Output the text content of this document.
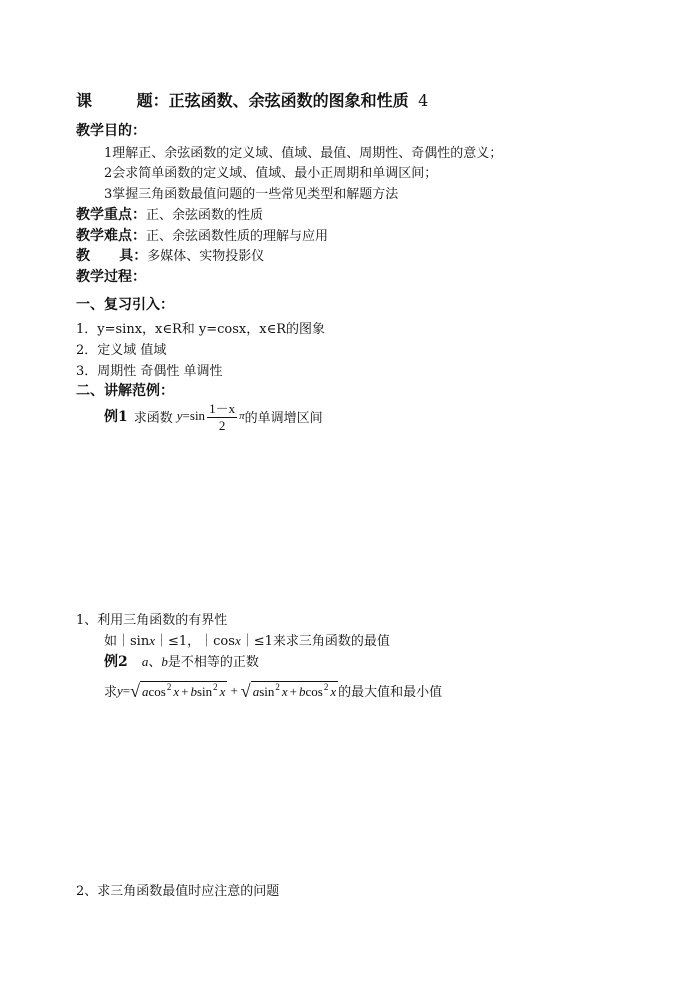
课        题：正弦函数、余弦函数的图象和性质 4
教学目的：
1理解正、余弦函数的定义域、值域、最值、周期性、奇偶性的意义；
2会求简单函数的定义域、值域、最小正周期和单调区间；
3掌握三角函数最值问题的一些常见类型和解题方法
教学重点：正、余弦函数的性质
教学难点：正、余弦函数性质的理解与应用
教      具：多媒体、实物投影仪
教学过程：
一、复习引入：
1．y=sinx，x∈R和 y=cosx，x∈R的图象
2．定义域 值域
3．周期性 奇偶性 单调性
二、讲解范例：
例1 求函数 $y =\sin \frac{1-x}{2}$ π 的单调增区间
1、利用三角函数的有界性
如｜sinx｜≤1，｜cosx｜≤1来求三角函数的最值
例2 a、b是不相等的正数
求 y = √ acos$^2$ x + bsin$^2$ x + √ asin$^2$ x + bcos$^2$ x 的最大值和最小值
2、求三角函数最值时应注意的问题
